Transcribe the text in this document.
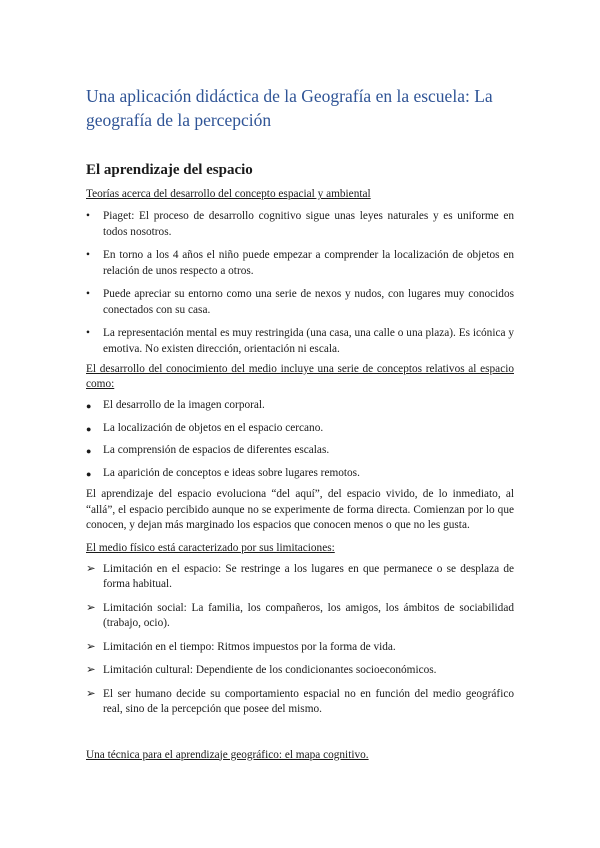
Una aplicación didáctica de la Geografía en la escuela: La geografía de la percepción
El aprendizaje del espacio

Teorías acerca del desarrollo del concepto espacial y ambiental

• Piaget: El proceso de desarrollo cognitivo sigue unas leyes naturales y es uniforme en todos nosotros.
• En torno a los 4 años el niño puede empezar a comprender la localización de objetos en relación de unos respecto a otros.
• Puede apreciar su entorno como una serie de nexos y nudos, con lugares muy conocidos conectados con su casa.
• La representación mental es muy restringida (una casa, una calle o una plaza). Es icónica y emotiva. No existen dirección, orientación ni escala.

El desarrollo del conocimiento del medio incluye una serie de conceptos relativos al espacio como:

● El desarrollo de la imagen corporal.
● La localización de objetos en el espacio cercano.
● La comprensión de espacios de diferentes escalas.
● La aparición de conceptos e ideas sobre lugares remotos.

El aprendizaje del espacio evoluciona “del aquí”, del espacio vivido, de lo inmediato, al “allá”, el espacio percibido aunque no se experimente de forma directa. Comienzan por lo que conocen, y dejan más marginado los espacios que conocen menos o que no les gusta.

El medio físico está caracterizado por sus limitaciones:

➢ Limitación en el espacio: Se restringe a los lugares en que permanece o se desplaza de forma habitual.
➢ Limitación social: La familia, los compañeros, los amigos, los ámbitos de sociabilidad (trabajo, ocio).
➢ Limitación en el tiempo: Ritmos impuestos por la forma de vida.
➢ Limitación cultural: Dependiente de los condicionantes socioeconómicos.
➢ El ser humano decide su comportamiento espacial no en función del medio geográfico real, sino de la percepción que posee del mismo.

Una técnica para el aprendizaje geográfico: el mapa cognitivo.
